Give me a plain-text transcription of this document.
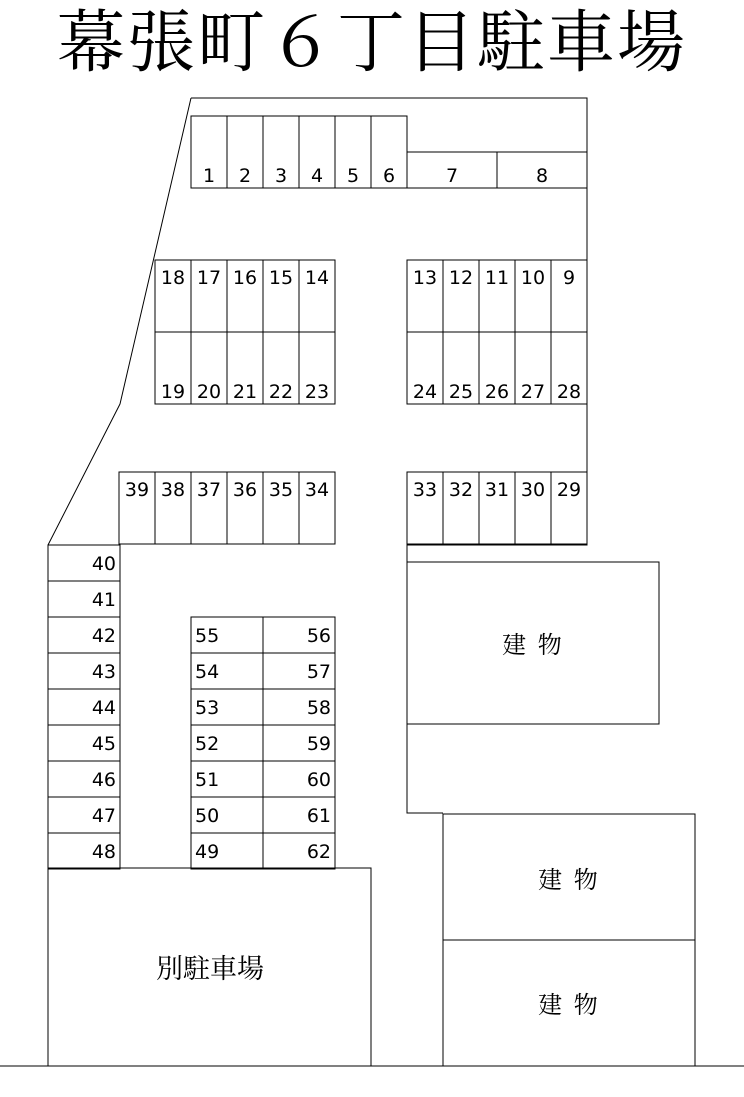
1 2 3 4 5 6	7	8
18 17 16 15 14
19 20 21 22 23
13 12 11 10 9
24 25 26 27 28
39 38 37 36 35 34	33 32 31 30 29
40
41
42
43
44
45
46
47
48
55
54
53
52
51
50
49
56
57
58
59
60
61
62
建 物
建 物
建 物
別駐車場
幕張町６丁目駐車場
